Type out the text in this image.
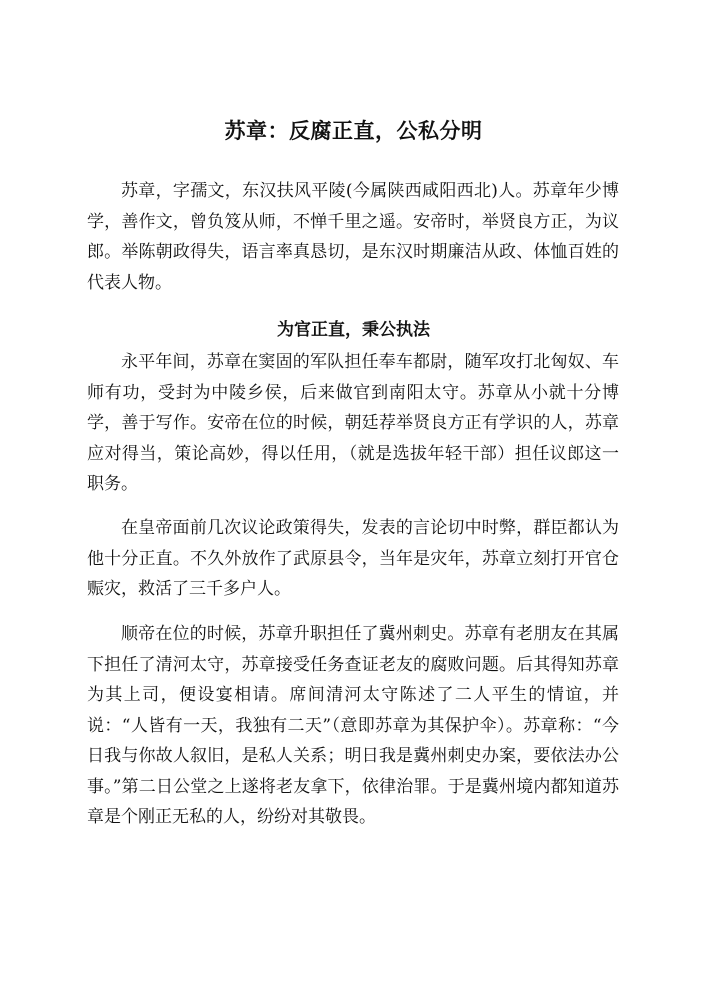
苏章：反腐正直，公私分明

苏章，字孺文，东汉扶风平陵(今属陕西咸阳西北)人。苏章年少博学，善作文，曾负笈从师，不惮千里之遥。安帝时，举贤良方正，为议郎。举陈朝政得失，语言率真恳切，是东汉时期廉洁从政、体恤百姓的代表人物。

为官正直，秉公执法

永平年间，苏章在窦固的军队担任奉车都尉，随军攻打北匈奴、车师有功，受封为中陵乡侯，后来做官到南阳太守。苏章从小就十分博学，善于写作。安帝在位的时候，朝廷荐举贤良方正有学识的人，苏章应对得当，策论高妙，得以任用，（就是选拔年轻干部）担任议郎这一职务。

在皇帝面前几次议论政策得失，发表的言论切中时弊，群臣都认为他十分正直。不久外放作了武原县令，当年是灾年，苏章立刻打开官仓赈灾，救活了三千多户人。

顺帝在位的时候，苏章升职担任了冀州刺史。苏章有老朋友在其属下担任了清河太守，苏章接受任务查证老友的腐败问题。后其得知苏章为其上司，便设宴相请。席间清河太守陈述了二人平生的情谊，并说：“人皆有一天，我独有二天”（意即苏章为其保护伞）。苏章称：“今日我与你故人叙旧，是私人关系；明日我是冀州刺史办案，要依法办公事。”第二日公堂之上遂将老友拿下，依律治罪。于是冀州境内都知道苏章是个刚正无私的人，纷纷对其敬畏。
